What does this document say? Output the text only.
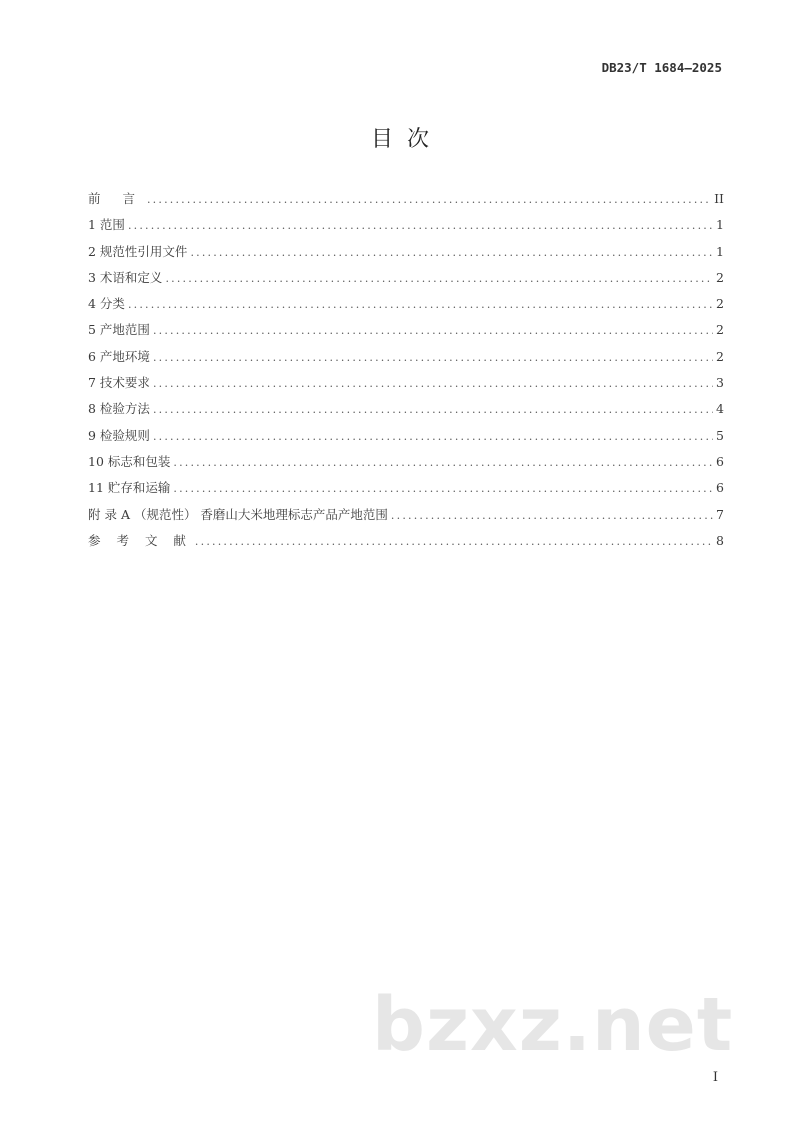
DB23/T 1684—2025
目次
前 言 .....	II
1 范围 .....	1
2 规范性引用文件 .....	1
3 术语和定义 .....	2
4 分类 .....	2
5 产地范围 .....	2
6 产地环境 .....	2
7 技术要求 .....	3
8 检验方法 .....	4
9 检验规则 .....	5
10 标志和包装 .....	6
11 贮存和运输 .....	6
附 录 A （规范性） 香磨山大米地理标志产品产地范围 .....	7
参 考 文 献 .....	8
bzxz.net
I
